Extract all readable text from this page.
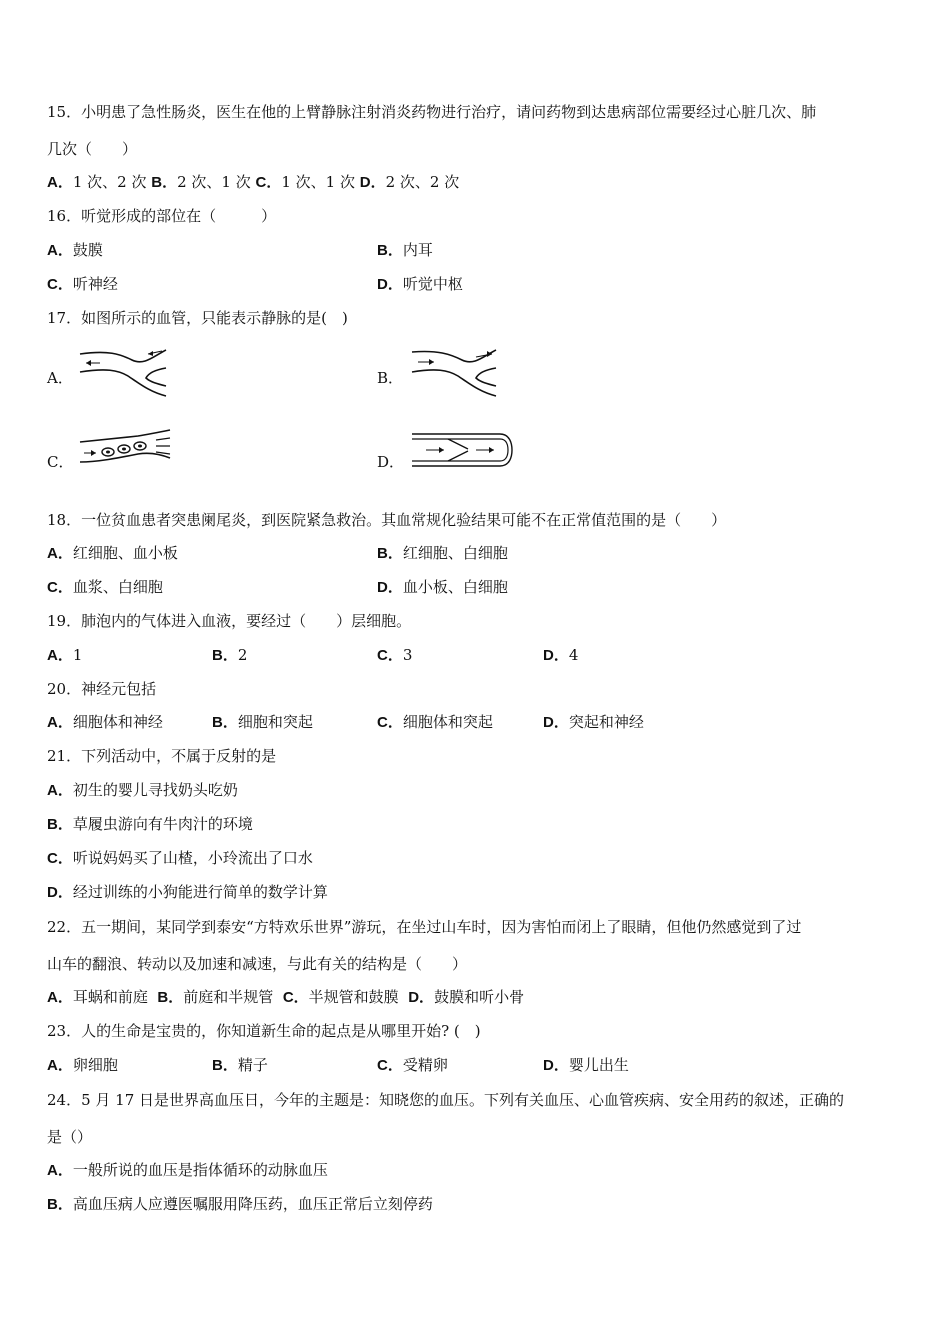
15．小明患了急性肠炎，医生在他的上臂静脉注射消炎药物进行治疗，请问药物到达患病部位需要经过心脏几次、肺
几次（　　）
A．1 次、2 次 B．2 次、1 次 C．1 次、1 次 D．2 次、2 次
16．听觉形成的部位在（　　　）
A．鼓膜	B．内耳
C．听神经	D．听觉中枢
17．如图所示的血管，只能表示静脉的是(　)
A．	B．
C．	D．
18．一位贫血患者突患阑尾炎，到医院紧急救治。其血常规化验结果可能不在正常值范围的是（　　）
A．红细胞、血小板	B．红细胞、白细胞
C．血浆、白细胞	D．血小板、白细胞
19．肺泡内的气体进入血液，要经过（　　）层细胞。
A．1	B．2	C．3	D．4
20．神经元包括
A．细胞体和神经	B．细胞和突起	C．细胞体和突起	D．突起和神经
21．下列活动中，不属于反射的是
A．初生的婴儿寻找奶头吃奶
B．草履虫游向有牛肉汁的环境
C．听说妈妈买了山楂，小玲流出了口水
D．经过训练的小狗能进行简单的数学计算
22．五一期间，某同学到泰安“方特欢乐世界”游玩，在坐过山车时，因为害怕而闭上了眼睛，但他仍然感觉到了过
山车的翻浪、转动以及加速和减速，与此有关的结构是（　　）
A．耳蜗和前庭 B．前庭和半规管 C．半规管和鼓膜 D．鼓膜和听小骨
23．人的生命是宝贵的，你知道新生命的起点是从哪里开始? (　)
A．卵细胞	B．精子	C．受精卵	D．婴儿出生
24．5 月 17 日是世界高血压日，今年的主题是：知晓您的血压。下列有关血压、心血管疾病、安全用药的叙述，正确的
是（）
A．一般所说的血压是指体循环的动脉血压
B．高血压病人应遵医嘱服用降压药，血压正常后立刻停药
